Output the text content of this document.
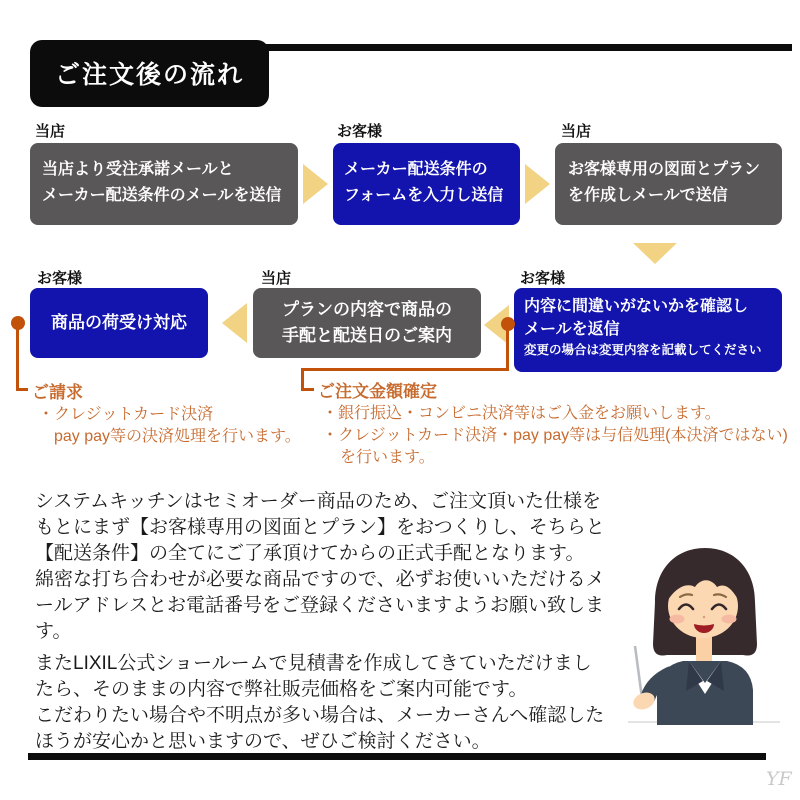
ご注文後の流れ
当店
当店より受注承諾メールと
メーカー配送条件のメールを送信
お客様
メーカー配送条件の
フォームを入力し送信
当店
お客様専用の図面とプラン
を作成しメールで送信
お客様
内容に間違いがないかを確認し
メールを返信
変更の場合は変更内容を記載してください
当店
プランの内容で商品の
手配と配送日のご案内
お客様
商品の荷受け対応
ご請求
・クレジットカード決済
pay pay等の決済処理を行います。
ご注文金額確定
・銀行振込・コンビニ決済等はご入金をお願いします。
・クレジットカード決済・pay pay等は与信処理(本決済ではない)
を行います。
システムキッチンはセミオーダー商品のため、ご注文頂いた仕様を
もとにまず【お客様専用の図面とプラン】をおつくりし、そちらと
【配送条件】の全てにご了承頂けてからの正式手配となります。
綿密な打ち合わせが必要な商品ですので、必ずお使いいただけるメ
ールアドレスとお電話番号をご登録くださいますようお願い致しま
す。
またLIXIL公式ショールームで見積書を作成してきていただけまし
たら、そのままの内容で弊社販売価格をご案内可能です。
こだわりたい場合や不明点が多い場合は、メーカーさんへ確認した
ほうが安心かと思いますので、ぜひご検討ください。
YF
